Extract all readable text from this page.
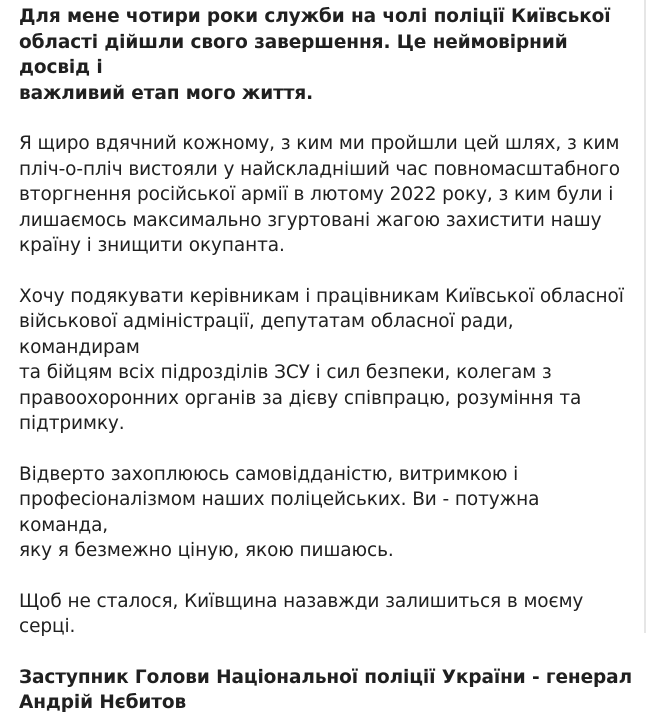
Для мене чотири роки служби на чолі поліції Київської
області дійшли свого завершення. Це неймовірний досвід і
важливий етап мого життя.

Я щиро вдячний кожному, з ким ми пройшли цей шлях, з ким
пліч-о-пліч вистояли у найскладніший час повномасштабного
вторгнення російської армії в лютому 2022 року, з ким були і
лишаємось максимально згуртовані жагою захистити нашу
країну і знищити окупанта.

Хочу подякувати керівникам і працівникам Київської обласної
військової адміністрації, депутатам обласної ради, командирам
та бійцям всіх підрозділів ЗСУ і сил безпеки, колегам з
правоохоронних органів за дієву співпрацю, розуміння та
підтримку.

Відверто захоплююсь самовідданістю, витримкою і
професіоналізмом наших поліцейських. Ви - потужна команда,
яку я безмежно ціную, якою пишаюсь.

Щоб не сталося, Київщина назавжди залишиться в моєму серці.

Заступник Голови Національної поліції України - генерал
Андрій Нєбитов
